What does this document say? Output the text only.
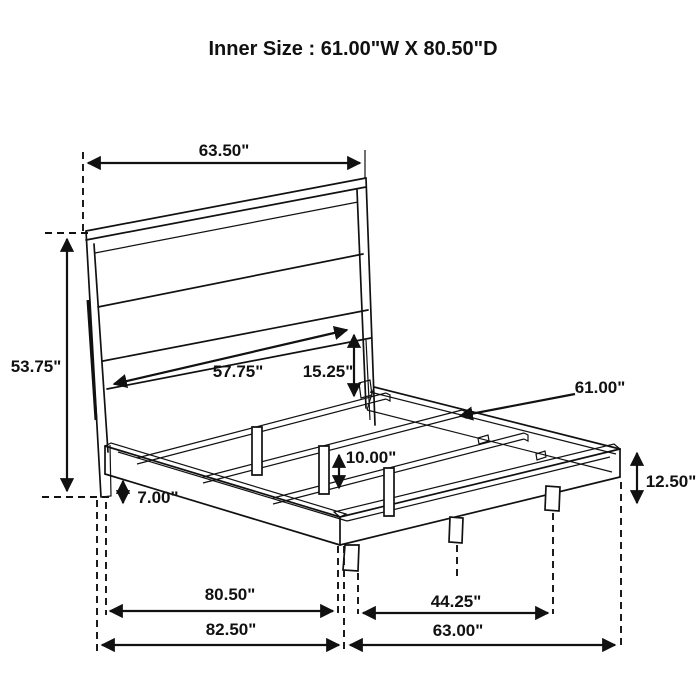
Inner Size : 61.00"W X 80.50"D
63.50"
53.75"	57.75" 15.25"
61.00"
10.00"
7.00"
12.50"
80.50"	44.25"
82.50"	63.00"
